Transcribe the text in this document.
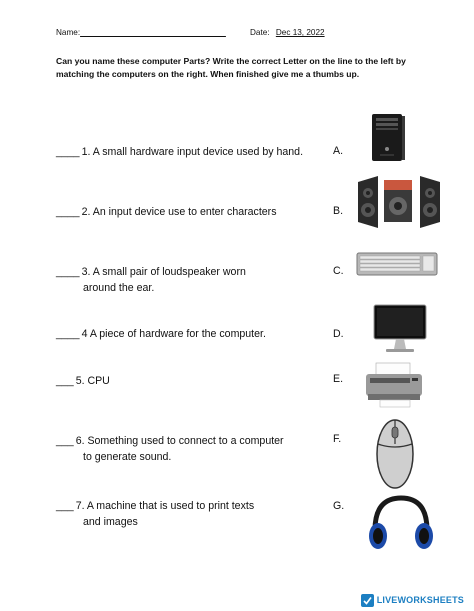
Name:________________________________	Date: Dec 13, 2022
Can you name these computer Parts? Write the correct Letter on the line to the left by matching the computers on the right. When finished give me a thumbs up.
____ 1. A small hardware input device used by hand.
____ 2. An input device use to enter characters
____ 3. A small pair of loudspeaker worn
around the ear.
____ 4 A piece of hardware for the computer.
___ 5. CPU
___ 6. Something used to connect to a computer
to generate sound.
___ 7. A machine that is used to print texts
and images
A.
B.
C.
D.
E.
F.
G.
LIVEWORKSHEETS
